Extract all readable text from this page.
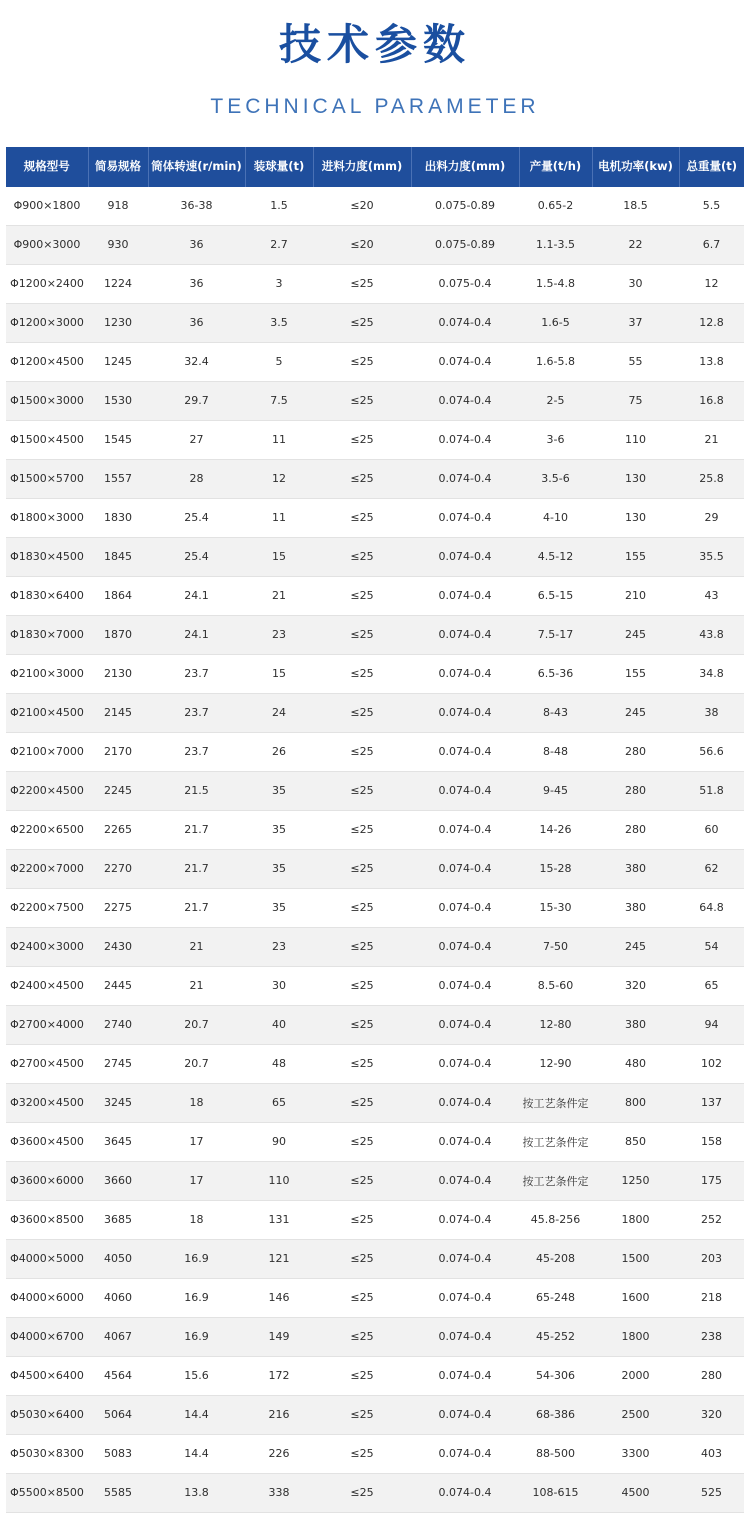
技术参数
TECHNICAL PARAMETER
规格型号	简易规格	筒体转速(r/min)	装球量(t)	进料力度(mm)	出料力度(mm)	产量(t/h)	电机功率(kw)	总重量(t)
Φ900×1800	918	36-38	1.5	≤20	0.075-0.89	0.65-2	18.5	5.5
Φ900×3000	930	36	2.7	≤20	0.075-0.89	1.1-3.5	22	6.7
Φ1200×2400	1224	36	3	≤25	0.075-0.4	1.5-4.8	30	12
Φ1200×3000	1230	36	3.5	≤25	0.074-0.4	1.6-5	37	12.8
Φ1200×4500	1245	32.4	5	≤25	0.074-0.4	1.6-5.8	55	13.8
Φ1500×3000	1530	29.7	7.5	≤25	0.074-0.4	2-5	75	16.8
Φ1500×4500	1545	27	11	≤25	0.074-0.4	3-6	110	21
Φ1500×5700	1557	28	12	≤25	0.074-0.4	3.5-6	130	25.8
Φ1800×3000	1830	25.4	11	≤25	0.074-0.4	4-10	130	29
Φ1830×4500	1845	25.4	15	≤25	0.074-0.4	4.5-12	155	35.5
Φ1830×6400	1864	24.1	21	≤25	0.074-0.4	6.5-15	210	43
Φ1830×7000	1870	24.1	23	≤25	0.074-0.4	7.5-17	245	43.8
Φ2100×3000	2130	23.7	15	≤25	0.074-0.4	6.5-36	155	34.8
Φ2100×4500	2145	23.7	24	≤25	0.074-0.4	8-43	245	38
Φ2100×7000	2170	23.7	26	≤25	0.074-0.4	8-48	280	56.6
Φ2200×4500	2245	21.5	35	≤25	0.074-0.4	9-45	280	51.8
Φ2200×6500	2265	21.7	35	≤25	0.074-0.4	14-26	280	60
Φ2200×7000	2270	21.7	35	≤25	0.074-0.4	15-28	380	62
Φ2200×7500	2275	21.7	35	≤25	0.074-0.4	15-30	380	64.8
Φ2400×3000	2430	21	23	≤25	0.074-0.4	7-50	245	54
Φ2400×4500	2445	21	30	≤25	0.074-0.4	8.5-60	320	65
Φ2700×4000	2740	20.7	40	≤25	0.074-0.4	12-80	380	94
Φ2700×4500	2745	20.7	48	≤25	0.074-0.4	12-90	480	102
Φ3200×4500	3245	18	65	≤25	0.074-0.4	按工艺条件定	800	137
Φ3600×4500	3645	17	90	≤25	0.074-0.4	按工艺条件定	850	158
Φ3600×6000	3660	17	110	≤25	0.074-0.4	按工艺条件定	1250	175
Φ3600×8500	3685	18	131	≤25	0.074-0.4	45.8-256	1800	252
Φ4000×5000	4050	16.9	121	≤25	0.074-0.4	45-208	1500	203
Φ4000×6000	4060	16.9	146	≤25	0.074-0.4	65-248	1600	218
Φ4000×6700	4067	16.9	149	≤25	0.074-0.4	45-252	1800	238
Φ4500×6400	4564	15.6	172	≤25	0.074-0.4	54-306	2000	280
Φ5030×6400	5064	14.4	216	≤25	0.074-0.4	68-386	2500	320
Φ5030×8300	5083	14.4	226	≤25	0.074-0.4	88-500	3300	403
Φ5500×8500	5585	13.8	338	≤25	0.074-0.4	108-615	4500	525
